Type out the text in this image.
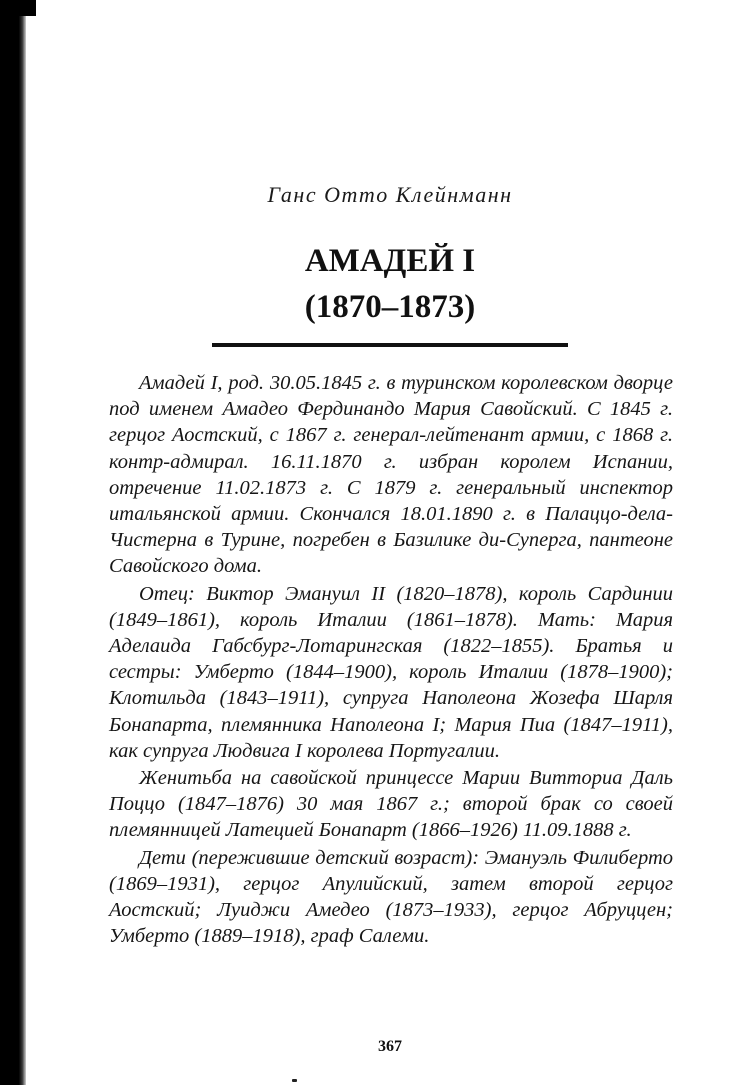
Ганс Отто Клейнманн
АМАДЕЙ I
(1870–1873)

Амадей I, род. 30.05.1845 г. в туринском королевском дворце под именем Амадео Фердинандо Мария Савойский. С 1845 г. герцог Аостский, с 1867 г. генерал-лейтенант армии, с 1868 г. контр-адмирал. 16.11.1870 г. избран королем Испании, отречение 11.02.1873 г. С 1879 г. генеральный инспектор итальянской армии. Скончался 18.01.1890 г. в Палаццо-дела-Чистерна в Турине, погребен в Базилике ди-Суперга, пантеоне Савойского дома.

Отец: Виктор Эмануил II (1820–1878), король Сардинии (1849–1861), король Италии (1861–1878). Мать: Мария Аделаида Габсбург-Лотарингская (1822–1855). Братья и сестры: Умберто (1844–1900), король Италии (1878–1900); Клотильда (1843–1911), супруга Наполеона Жозефа Шарля Бонапарта, племянника Наполеона I; Мария Пиа (1847–1911), как супруга Людвига I королева Португалии.

Женитьба на савойской принцессе Марии Витториа Даль Поццо (1847–1876) 30 мая 1867 г.; второй брак со своей племянницей Латецией Бонапарт (1866–1926) 11.09.1888 г.

Дети (пережившие детский возраст): Эмануэль Филиберто (1869–1931), герцог Апулийский, затем второй герцог Аостский; Луиджи Амедео (1873–1933), герцог Абруццен; Умберто (1889–1918), граф Салеми.

367
